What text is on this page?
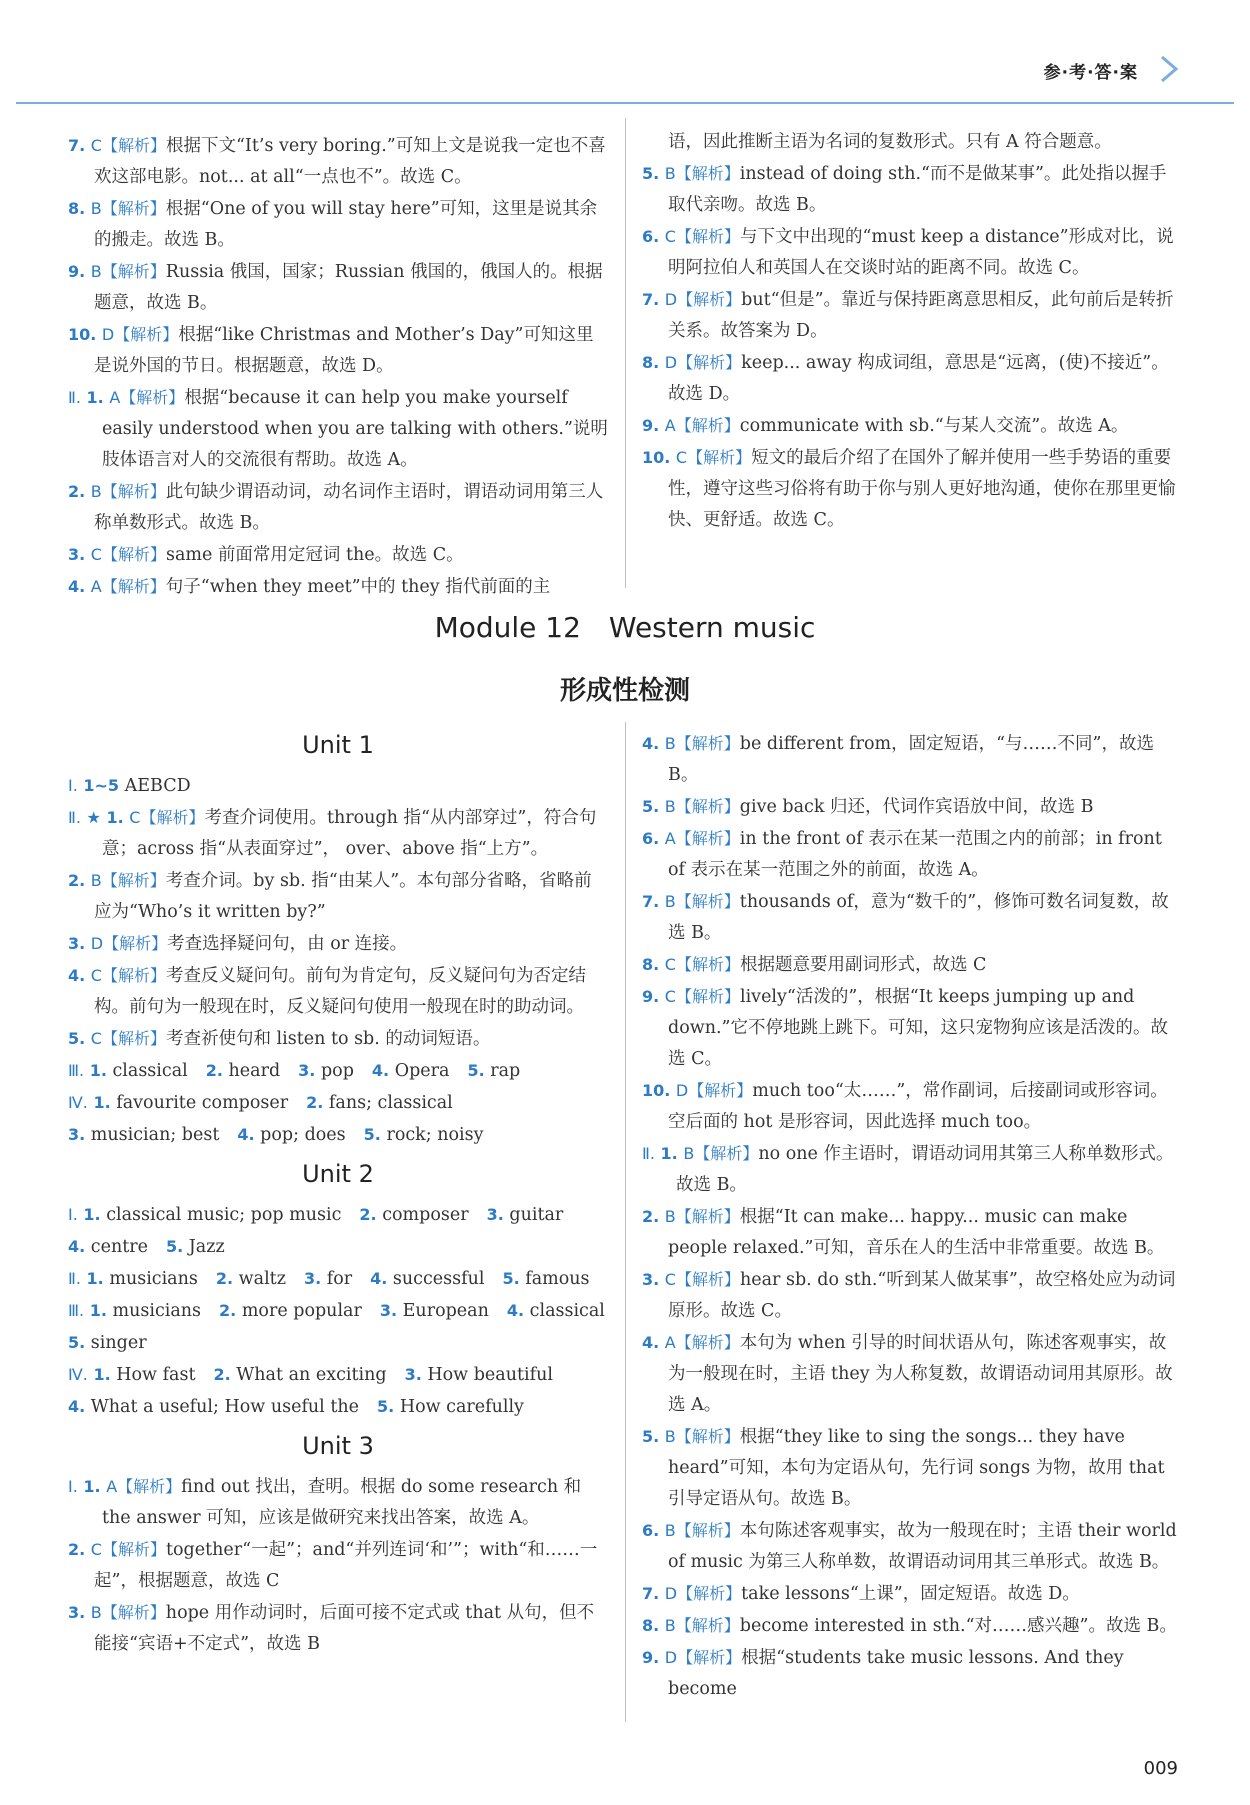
参·考·答·案

7. C【解析】根据下文“It’s very boring.”可知上文是说我一定也不喜欢这部电影。not... at all“一点也不”。故选 C。

8. B【解析】根据“One of you will stay here”可知，这里是说其余的搬走。故选 B。

9. B【解析】Russia 俄国，国家；Russian 俄国的，俄国人的。根据题意，故选 B。

10. D【解析】根据“like Christmas and Mother’s Day”可知这里是说外国的节日。根据题意，故选 D。

Ⅱ. 1. A【解析】根据“because it can help you make yourself easily understood when you are talking with others.”说明肢体语言对人的交流很有帮助。故选 A。

2. B【解析】此句缺少谓语动词，动名词作主语时，谓语动词用第三人称单数形式。故选 B。

3. C【解析】same 前面常用定冠词 the。故选 C。

4. A【解析】句子“when they meet”中的 they 指代前面的主

语，因此推断主语为名词的复数形式。只有 A 符合题意。

5. B【解析】instead of doing sth.“而不是做某事”。此处指以握手取代亲吻。故选 B。

6. C【解析】与下文中出现的“must keep a distance”形成对比，说明阿拉伯人和英国人在交谈时站的距离不同。故选 C。

7. D【解析】but“但是”。靠近与保持距离意思相反，此句前后是转折关系。故答案为 D。

8. D【解析】keep... away 构成词组，意思是“远离，(使)不接近”。故选 D。

9. A【解析】communicate with sb.“与某人交流”。故选 A。

10. C【解析】短文的最后介绍了在国外了解并使用一些手势语的重要性，遵守这些习俗将有助于你与别人更好地沟通，使你在那里更愉快、更舒适。故选 C。

Module 12　Western music
形成性检测
Unit 1

Ⅰ. 1~5 AEBCD

Ⅱ. ★ 1. C【解析】考查介词使用。through 指“从内部穿过”，符合句意；across 指“从表面穿过”， over、above 指“上方”。

2. B【解析】考查介词。by sb. 指“由某人”。本句部分省略，省略前应为“Who’s it written by?”

3. D【解析】考查选择疑问句，由 or 连接。

4. C【解析】考查反义疑问句。前句为肯定句，反义疑问句为否定结构。前句为一般现在时，反义疑问句使用一般现在时的助动词。

5. C【解析】考查祈使句和 listen to sb. 的动词短语。

Ⅲ. 1. classical 2. heard 3. pop 4. Opera 5. rap

Ⅳ. 1. favourite composer 2. fans; classical

3. musician; best 4. pop; does 5. rock; noisy

Unit 2

Ⅰ. 1. classical music; pop music 2. composer 3. guitar

4. centre 5. Jazz

Ⅱ. 1. musicians 2. waltz 3. for 4. successful 5. famous

Ⅲ. 1. musicians 2. more popular 3. European 4. classical

5. singer

Ⅳ. 1. How fast 2. What an exciting 3. How beautiful

4. What a useful; How useful the 5. How carefully

Unit 3

Ⅰ. 1. A【解析】find out 找出，查明。根据 do some research 和 the answer 可知，应该是做研究来找出答案，故选 A。

2. C【解析】together“一起”；and“并列连词‘和’”；with“和……一起”，根据题意，故选 C

3. B【解析】hope 用作动词时，后面可接不定式或 that 从句，但不能接“宾语+不定式”，故选 B

4. B【解析】be different from，固定短语，“与……不同”，故选 B。

5. B【解析】give back 归还，代词作宾语放中间，故选 B

6. A【解析】in the front of 表示在某一范围之内的前部；in front of 表示在某一范围之外的前面，故选 A。

7. B【解析】thousands of，意为“数千的”，修饰可数名词复数，故选 B。

8. C【解析】根据题意要用副词形式，故选 C

9. C【解析】lively“活泼的”，根据“It keeps jumping up and down.”它不停地跳上跳下。可知，这只宠物狗应该是活泼的。故选 C。

10. D【解析】much too“太……”，常作副词，后接副词或形容词。空后面的 hot 是形容词，因此选择 much too。

Ⅱ. 1. B【解析】no one 作主语时，谓语动词用其第三人称单数形式。故选 B。

2. B【解析】根据“It can make... happy... music can make people relaxed.”可知，音乐在人的生活中非常重要。故选 B。

3. C【解析】hear sb. do sth.“听到某人做某事”，故空格处应为动词原形。故选 C。

4. A【解析】本句为 when 引导的时间状语从句，陈述客观事实，故为一般现在时，主语 they 为人称复数，故谓语动词用其原形。故选 A。

5. B【解析】根据“they like to sing the songs... they have heard”可知，本句为定语从句，先行词 songs 为物，故用 that 引导定语从句。故选 B。

6. B【解析】本句陈述客观事实，故为一般现在时；主语 their world of music 为第三人称单数，故谓语动词用其三单形式。故选 B。

7. D【解析】take lessons“上课”，固定短语。故选 D。

8. B【解析】become interested in sth.“对……感兴趣”。故选 B。

9. D【解析】根据“students take music lessons. And they become

009
